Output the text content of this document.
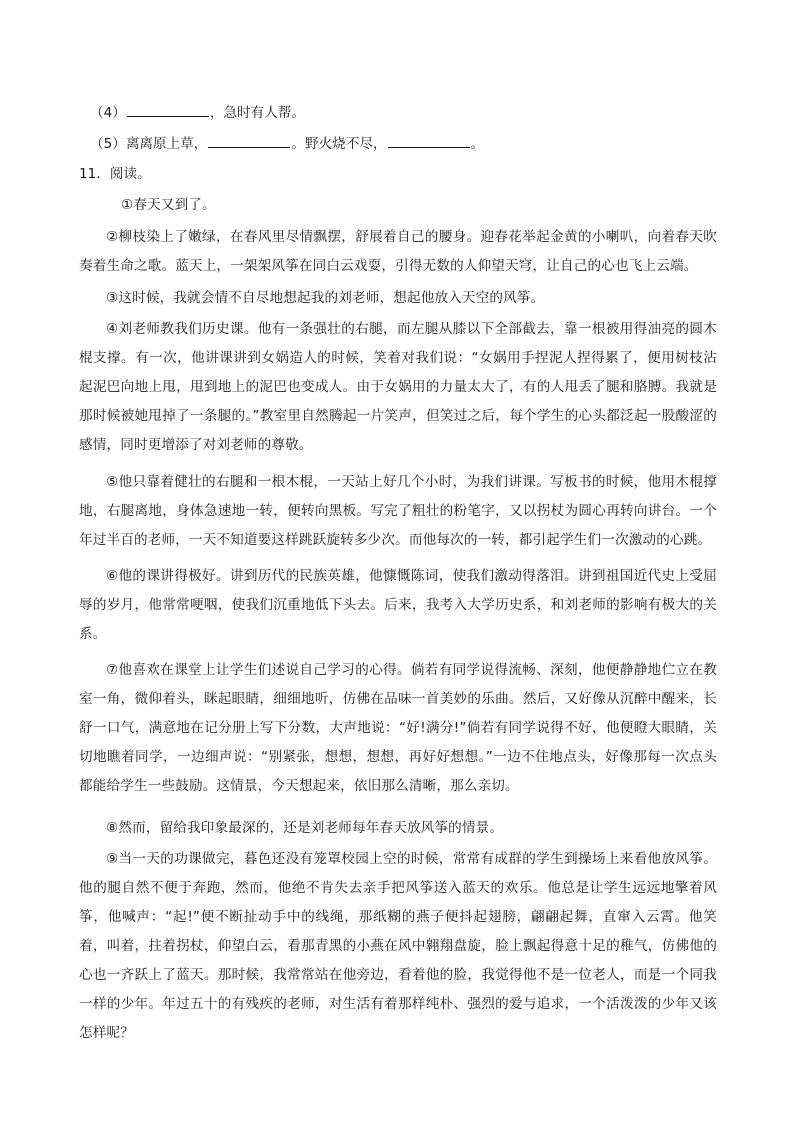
（4）	，急时有人帮。

（5）离离原上草，	。野火烧不尽，	。

11．阅读。

①春天又到了。

②柳枝染上了嫩绿，在春风里尽情飘摆，舒展着自己的腰身。迎春花举起金黄的小喇叭，向着春天吹奏着生命之歌。蓝天上，一架架风筝在同白云戏耍，引得无数的人仰望天穹，让自己的心也飞上云端。

③这时候，我就会情不自尽地想起我的刘老师，想起他放入天空的风筝。

④刘老师教我们历史课。他有一条强壮的右腿，而左腿从膝以下全部截去，靠一根被用得油亮的圆木棍支撑。有一次，他讲课讲到女娲造人的时候，笑着对我们说：“女娲用手捏泥人捏得累了，便用树枝沾起泥巴向地上甩，甩到地上的泥巴也变成人。由于女娲用的力量太大了，有的人甩丢了腿和胳膊。我就是那时候被她甩掉了一条腿的。”教室里自然腾起一片笑声，但笑过之后，每个学生的心头都泛起一股酸涩的感情，同时更增添了对刘老师的尊敬。

⑤他只靠着健壮的右腿和一根木棍，一天站上好几个小时，为我们讲课。写板书的时候，他用木棍撑地，右腿离地，身体急速地一转，便转向黑板。写完了粗壮的粉笔字，又以拐杖为圆心再转向讲台。一个年过半百的老师，一天不知道要这样跳跃旋转多少次。而他每次的一转，都引起学生们一次激动的心跳。

⑥他的课讲得极好。讲到历代的民族英雄，他慷慨陈词，使我们激动得落泪。讲到祖国近代史上受屈辱的岁月，他常常哽咽，使我们沉重地低下头去。后来，我考入大学历史系，和刘老师的影响有极大的关系。

⑦他喜欢在课堂上让学生们述说自己学习的心得。倘若有同学说得流畅、深刻，他便静静地伫立在教室一角，微仰着头，眯起眼睛，细细地听，仿佛在品味一首美妙的乐曲。然后，又好像从沉醉中醒来，长舒一口气，满意地在记分册上写下分数，大声地说：“好!满分!”倘若有同学说得不好，他便瞪大眼睛，关切地瞧着同学，一边细声说：“别紧张，想想，想想，再好好想想。”一边不住地点头，好像那每一次点头都能给学生一些鼓励。这情景，今天想起来，依旧那么清晰，那么亲切。

⑧然而，留给我印象最深的，还是刘老师每年春天放风筝的情景。

⑨当一天的功课做完，暮色还没有笼罩校园上空的时候，常常有成群的学生到操场上来看他放风筝。他的腿自然不便于奔跑，然而，他绝不肯失去亲手把风筝送入蓝天的欢乐。他总是让学生远远地擎着风筝，他喊声：“起!”便不断扯动手中的线绳，那纸糊的燕子便抖起翅膀，翩翩起舞，直窜入云霄。他笑着，叫着，拄着拐杖，仰望白云，看那青黑的小燕在风中翱翔盘旋，脸上飘起得意十足的稚气，仿佛他的心也一齐跃上了蓝天。那时候，我常常站在他旁边，看着他的脸，我觉得他不是一位老人，而是一个同我一样的少年。年过五十的有残疾的老师，对生活有着那样纯朴、强烈的爱与追求，一个活泼泼的少年又该怎样呢？
